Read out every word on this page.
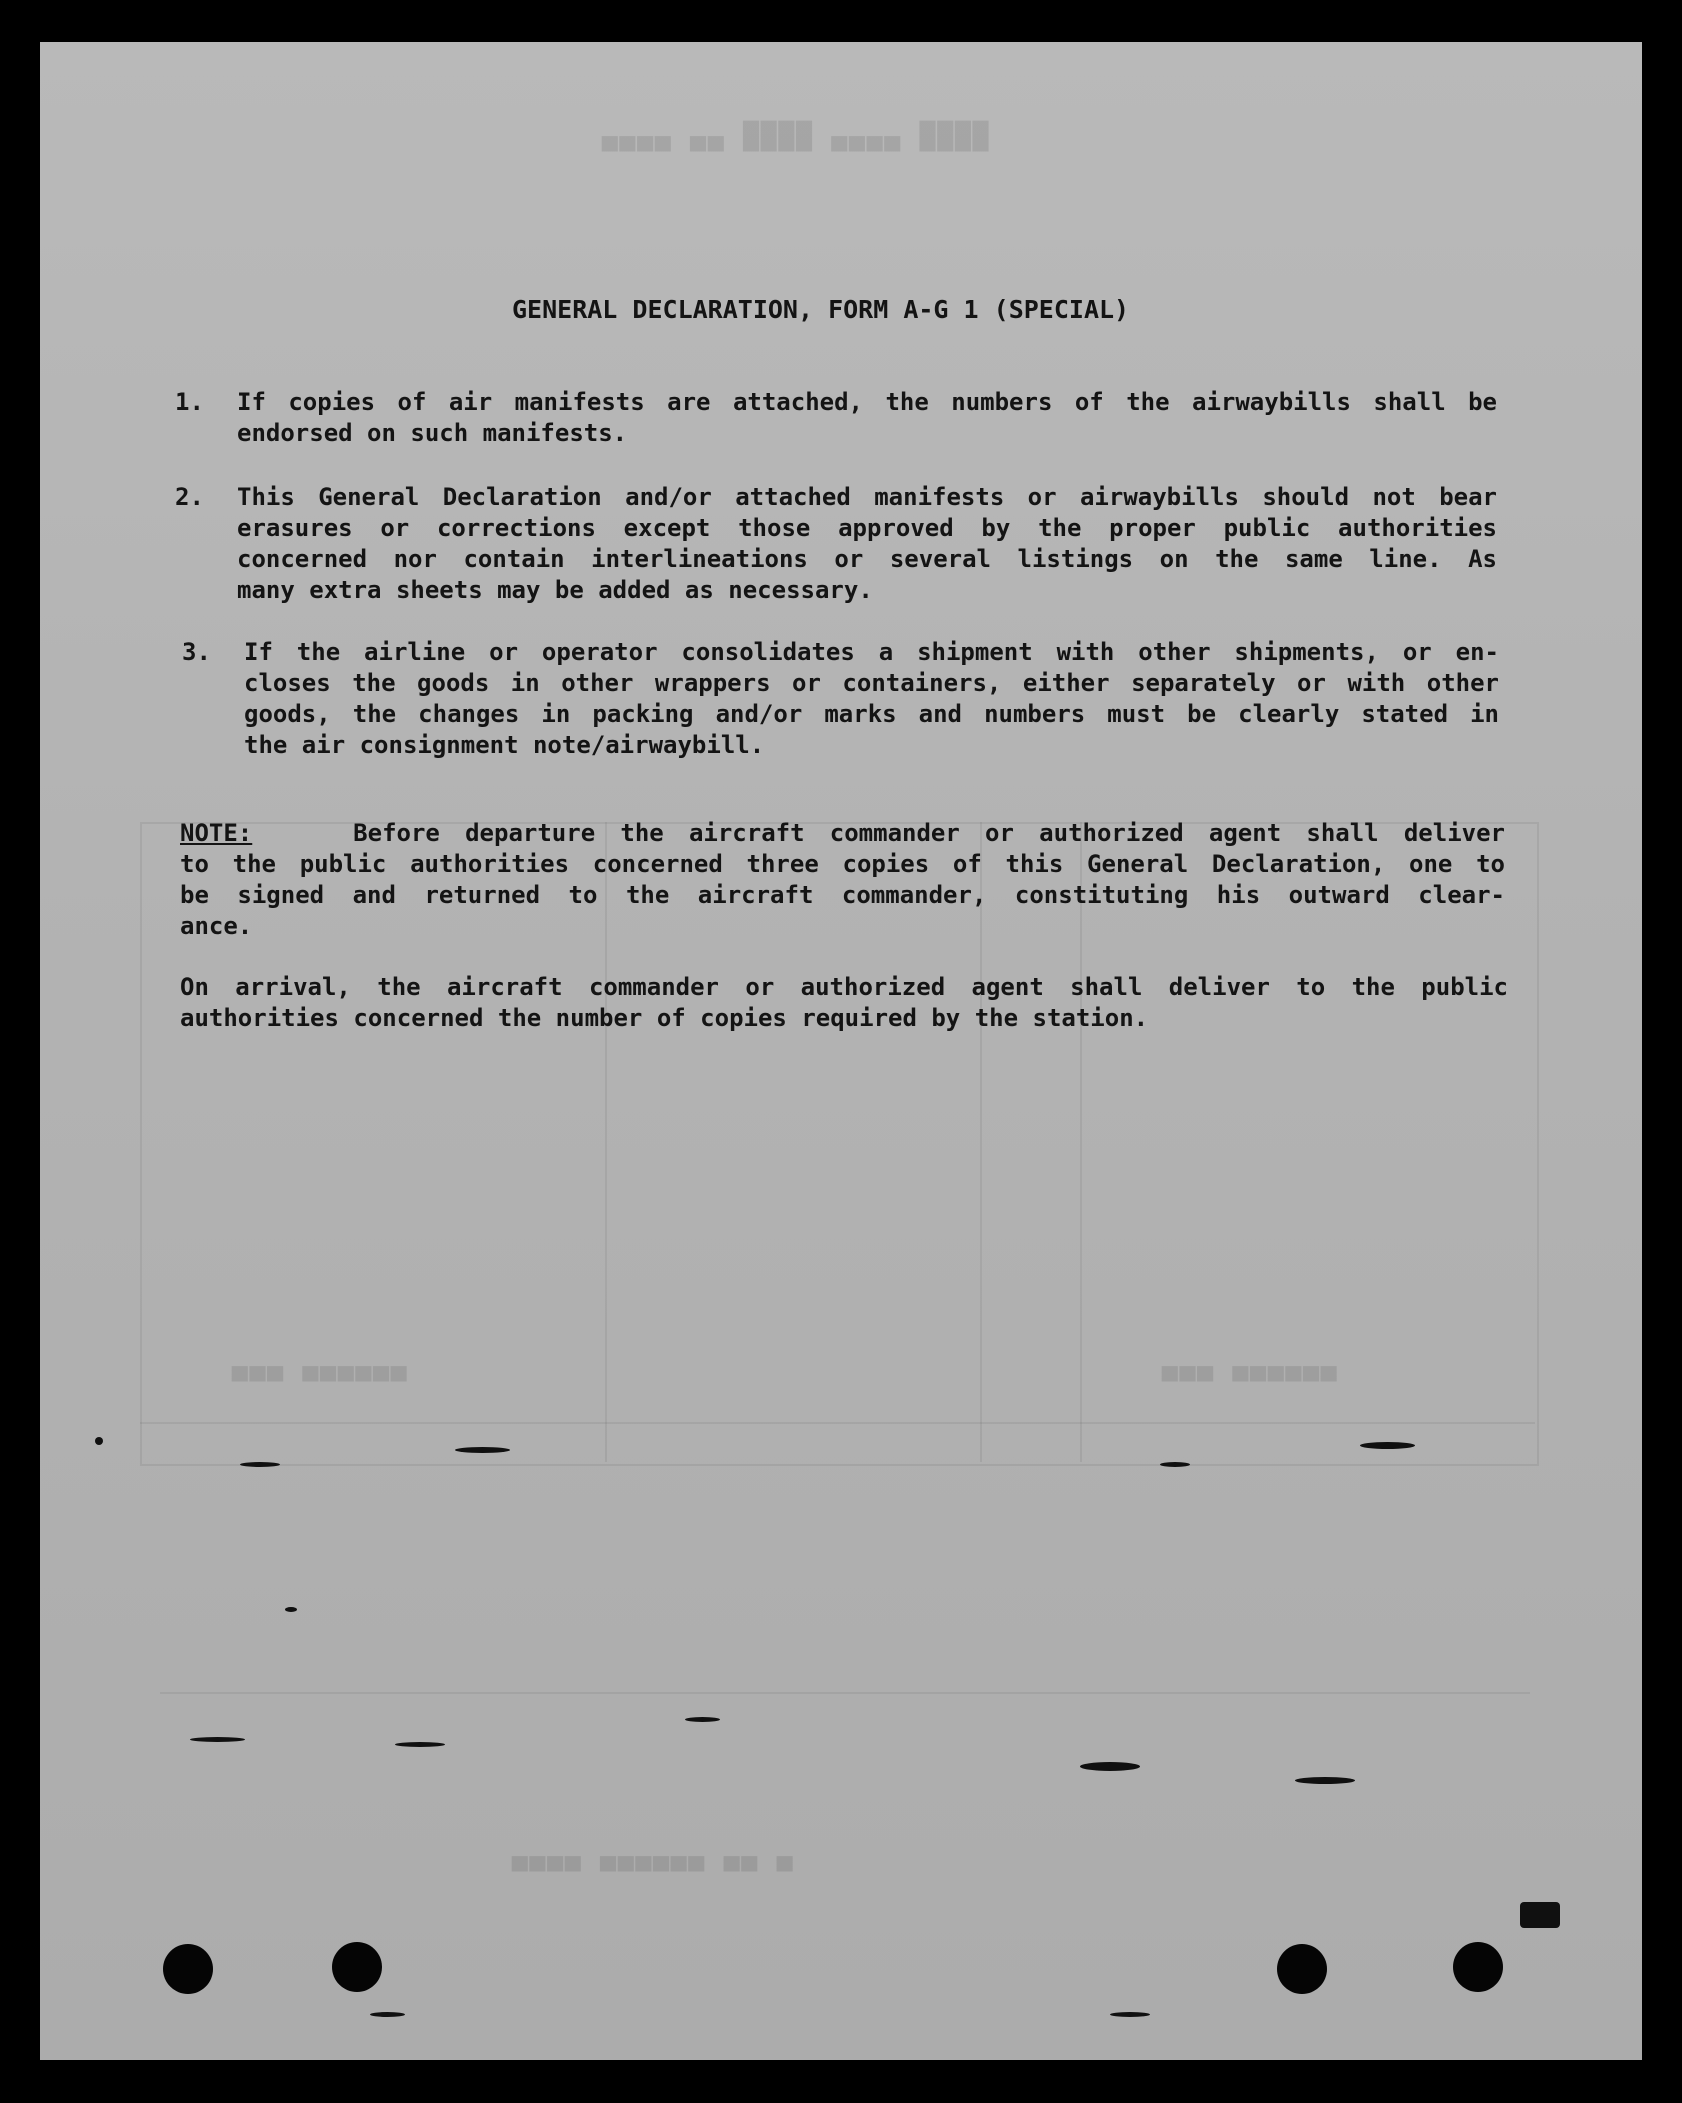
████ ▄▄▄▄ ████ ▄▄ ▄▄▄▄
▄▄▄▄▄▄ ▄▄▄
▄▄▄▄▄▄ ▄▄▄
▄ ▄▄ ▄▄▄▄▄▄ ▄▄▄▄
GENERAL DECLARATION, FORM A-G 1 (SPECIAL)
1.	If copies of air manifests are attached, the numbers of the airwaybills shall be
endorsed on such manifests.
2.	This General Declaration and/or attached manifests or airwaybills should not bear
erasures or corrections except those approved by the proper public authorities
concerned nor contain interlineations or several listings on the same line. As
many extra sheets may be added as necessary.
3.	If the airline or operator consolidates a shipment with other shipments, or en-
closes the goods in other wrappers or containers, either separately or with other
goods, the changes in packing and/or marks and numbers must be clearly stated in
the air consignment note/airwaybill.
NOTE:	Before departure the aircraft commander or authorized agent shall deliver
to the public authorities concerned three copies of this General Declaration, one to
be signed and returned to the aircraft commander, constituting his outward clear-
ance.
On arrival, the aircraft commander or authorized agent shall deliver to the public
authorities concerned the number of copies required by the station.
